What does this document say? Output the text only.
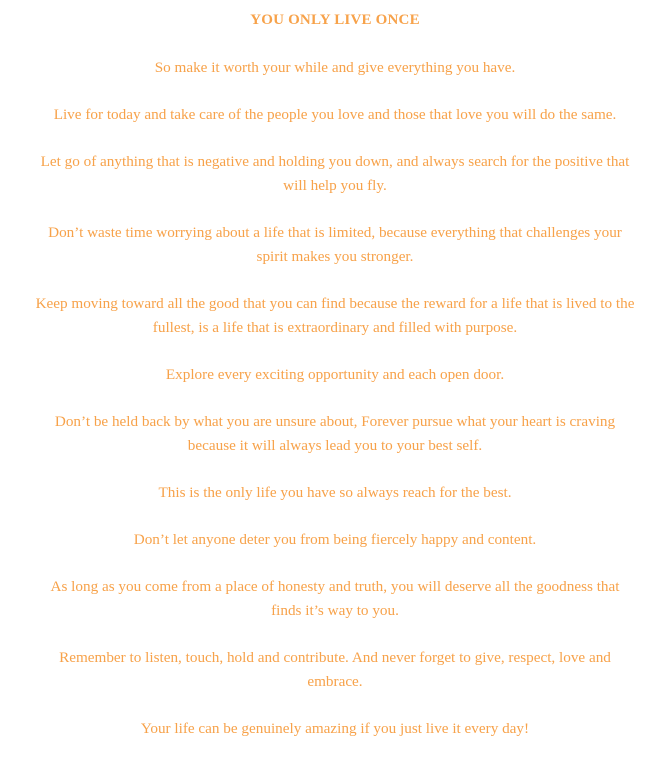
YOU ONLY LIVE ONCE
So make it worth your while and give everything you have.
Live for today and take care of the people you love and those that love you will do the same.
Let go of anything that is negative and holding you down, and always search for the positive that will help you fly.
Don’t waste time worrying about a life that is limited, because everything that challenges your spirit makes you stronger.
Keep moving toward all the good that you can find because the reward for a life that is lived to the fullest, is a life that is extraordinary and filled with purpose.
Explore every exciting opportunity and each open door.
Don’t be held back by what you are unsure about, Forever pursue what your heart is craving because it will always lead you to your best self.
This is the only life you have so always reach for the best.
Don’t let anyone deter you from being fiercely happy and content.
As long as you come from a place of honesty and truth, you will deserve all the goodness that finds it’s way to you.
Remember to listen, touch, hold and contribute. And never forget to give, respect, love and embrace.
Your life can be genuinely amazing if you just live it every day!
